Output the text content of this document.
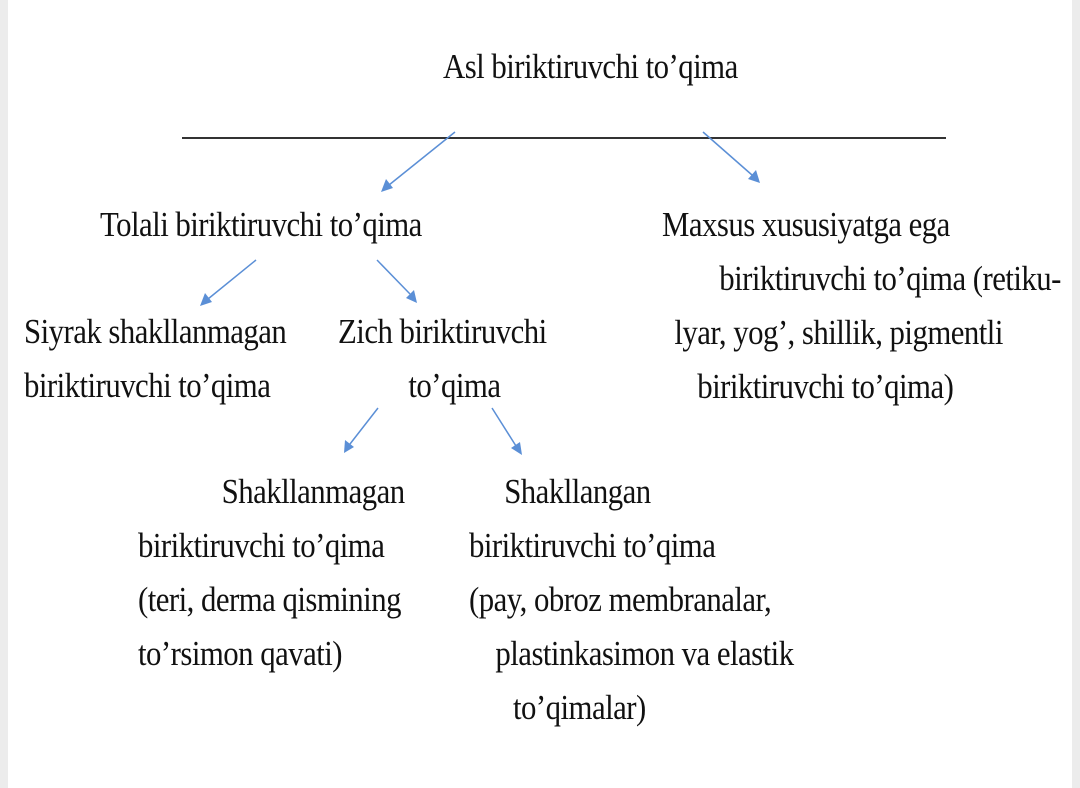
Asl biriktiruvchi to’qima
Tolali biriktiruvchi to’qima	Maxsus xususiyatga ega
biriktiruvchi to’qima (retiku-
lyar, yog’, shillik, pigmentli
biriktiruvchi to’qima)
Siyrak shakllanmagan
biriktiruvchi to’qima
Zich biriktiruvchi
to’qima
Shakllanmagan
biriktiruvchi to’qima
(teri, derma qismining
to’rsimon qavati)
Shakllangan
biriktiruvchi to’qima
(pay, obroz membranalar,
plastinkasimon va elastik
to’qimalar)
